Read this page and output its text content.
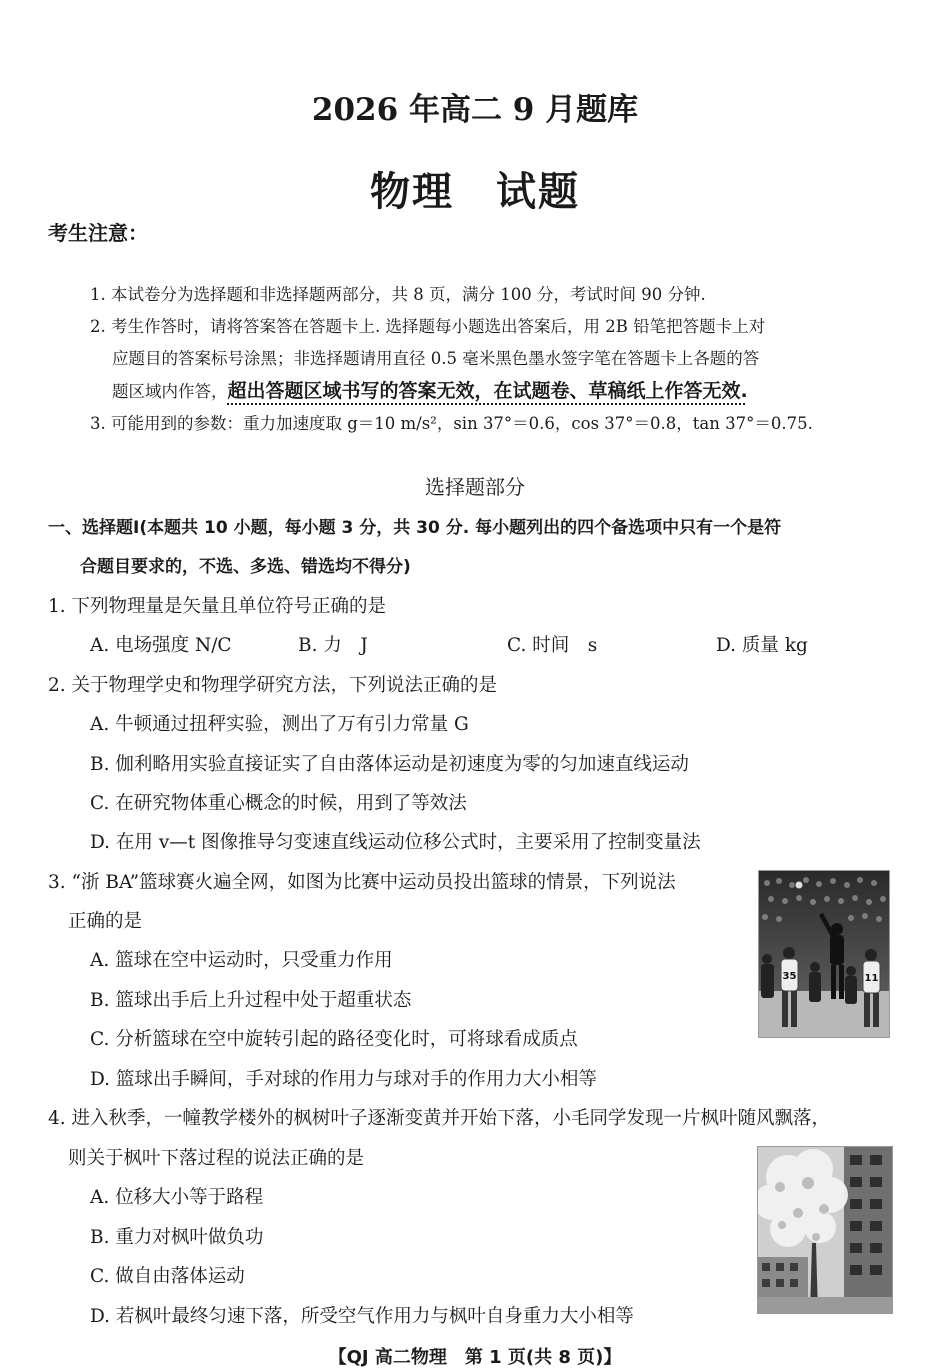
2026 年高二 9 月题库
物理　试题
考生注意：
1. 本试卷分为选择题和非选择题两部分，共 8 页，满分 100 分，考试时间 90 分钟.
2. 考生作答时，请将答案答在答题卡上. 选择题每小题选出答案后，用 2B 铅笔把答题卡上对
应题目的答案标号涂黑；非选择题请用直径 0.5 毫米黑色墨水签字笔在答题卡上各题的答
题区域内作答，超出答题区域书写的答案无效，在试题卷、草稿纸上作答无效.
3. 可能用到的参数：重力加速度取 g＝10 m/s²，sin 37°＝0.6，cos 37°＝0.8，tan 37°＝0.75.
选择题部分
一、选择题Ⅰ(本题共 10 小题，每小题 3 分，共 30 分. 每小题列出的四个备选项中只有一个是符
合题目要求的，不选、多选、错选均不得分)
1. 下列物理量是矢量且单位符号正确的是
A. 电场强度 N/C	B. 力　J	C. 时间　s	D. 质量 kg
2. 关于物理学史和物理学研究方法，下列说法正确的是
A. 牛顿通过扭秤实验，测出了万有引力常量 G
B. 伽利略用实验直接证实了自由落体运动是初速度为零的匀加速直线运动
C. 在研究物体重心概念的时候，用到了等效法
D. 在用 v—t 图像推导匀变速直线运动位移公式时，主要采用了控制变量法
3. “浙 BA”篮球赛火遍全网，如图为比赛中运动员投出篮球的情景，下列说法
正确的是
A. 篮球在空中运动时，只受重力作用
B. 篮球出手后上升过程中处于超重状态
C. 分析篮球在空中旋转引起的路径变化时，可将球看成质点
D. 篮球出手瞬间，手对球的作用力与球对手的作用力大小相等
35	11
4. 进入秋季，一幢教学楼外的枫树叶子逐渐变黄并开始下落，小毛同学发现一片枫叶随风飘落，
则关于枫叶下落过程的说法正确的是
A. 位移大小等于路程
B. 重力对枫叶做负功
C. 做自由落体运动
D. 若枫叶最终匀速下落，所受空气作用力与枫叶自身重力大小相等
【QJ 高二物理　第 1 页(共 8 页)】
